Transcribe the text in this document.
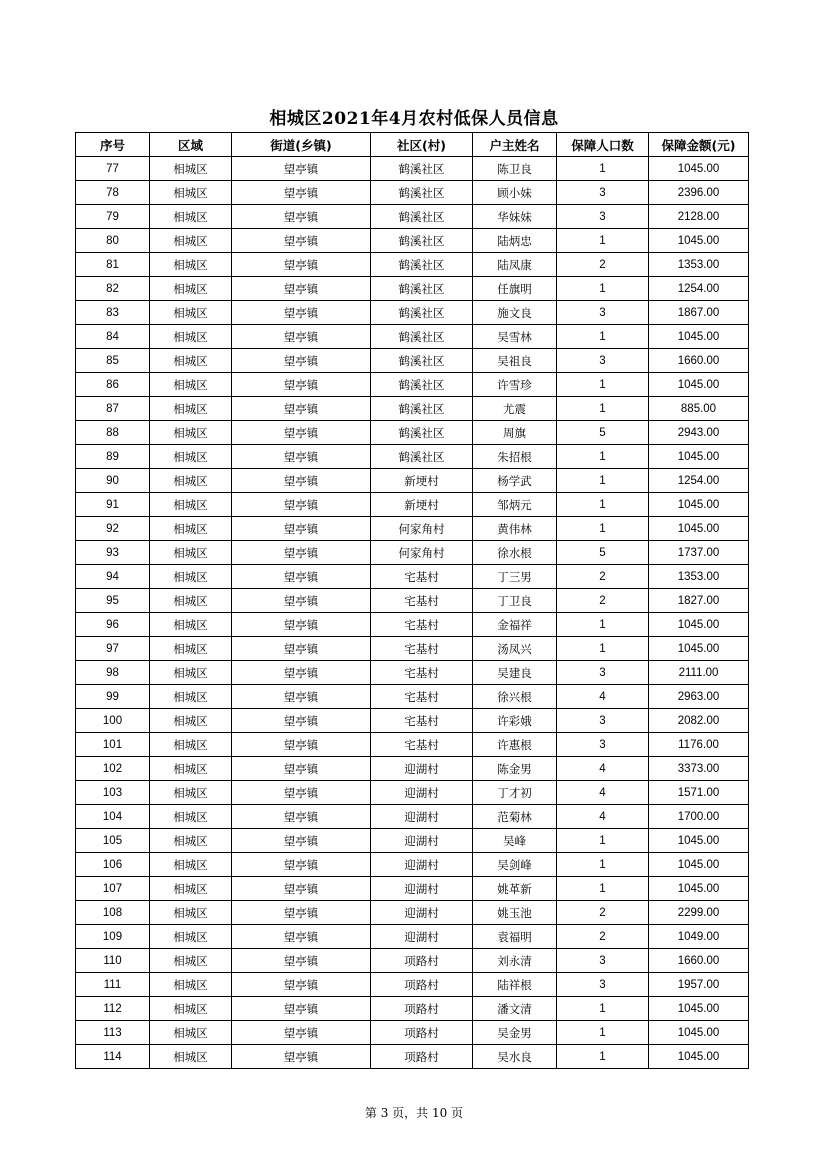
相城区2021年4月农村低保人员信息
序号	区域	街道(乡镇)	社区(村)	户主姓名	保障人口数	保障金额(元)
77	相城区	望亭镇	鹤溪社区	陈卫良	1	1045.00
78	相城区	望亭镇	鹤溪社区	顾小妹	3	2396.00
79	相城区	望亭镇	鹤溪社区	华妹妹	3	2128.00
80	相城区	望亭镇	鹤溪社区	陆炳忠	1	1045.00
81	相城区	望亭镇	鹤溪社区	陆凤康	2	1353.00
82	相城区	望亭镇	鹤溪社区	任旗明	1	1254.00
83	相城区	望亭镇	鹤溪社区	施文良	3	1867.00
84	相城区	望亭镇	鹤溪社区	吴雪林	1	1045.00
85	相城区	望亭镇	鹤溪社区	吴祖良	3	1660.00
86	相城区	望亭镇	鹤溪社区	许雪珍	1	1045.00
87	相城区	望亭镇	鹤溪社区	尤震	1	885.00
88	相城区	望亭镇	鹤溪社区	周旗	5	2943.00
89	相城区	望亭镇	鹤溪社区	朱招根	1	1045.00
90	相城区	望亭镇	新埂村	杨学武	1	1254.00
91	相城区	望亭镇	新埂村	邹炳元	1	1045.00
92	相城区	望亭镇	何家角村	黄伟林	1	1045.00
93	相城区	望亭镇	何家角村	徐水根	5	1737.00
94	相城区	望亭镇	宅基村	丁三男	2	1353.00
95	相城区	望亭镇	宅基村	丁卫良	2	1827.00
96	相城区	望亭镇	宅基村	金福祥	1	1045.00
97	相城区	望亭镇	宅基村	汤凤兴	1	1045.00
98	相城区	望亭镇	宅基村	吴建良	3	2111.00
99	相城区	望亭镇	宅基村	徐兴根	4	2963.00
100	相城区	望亭镇	宅基村	许彩娥	3	2082.00
101	相城区	望亭镇	宅基村	许惠根	3	1176.00
102	相城区	望亭镇	迎湖村	陈金男	4	3373.00
103	相城区	望亭镇	迎湖村	丁才初	4	1571.00
104	相城区	望亭镇	迎湖村	范菊林	4	1700.00
105	相城区	望亭镇	迎湖村	吴峰	1	1045.00
106	相城区	望亭镇	迎湖村	吴剑峰	1	1045.00
107	相城区	望亭镇	迎湖村	姚革新	1	1045.00
108	相城区	望亭镇	迎湖村	姚玉池	2	2299.00
109	相城区	望亭镇	迎湖村	袁福明	2	1049.00
110	相城区	望亭镇	项路村	刘永清	3	1660.00
111	相城区	望亭镇	项路村	陆祥根	3	1957.00
112	相城区	望亭镇	项路村	潘文清	1	1045.00
113	相城区	望亭镇	项路村	吴金男	1	1045.00
114	相城区	望亭镇	项路村	吴水良	1	1045.00
第 3 页，共 10 页
